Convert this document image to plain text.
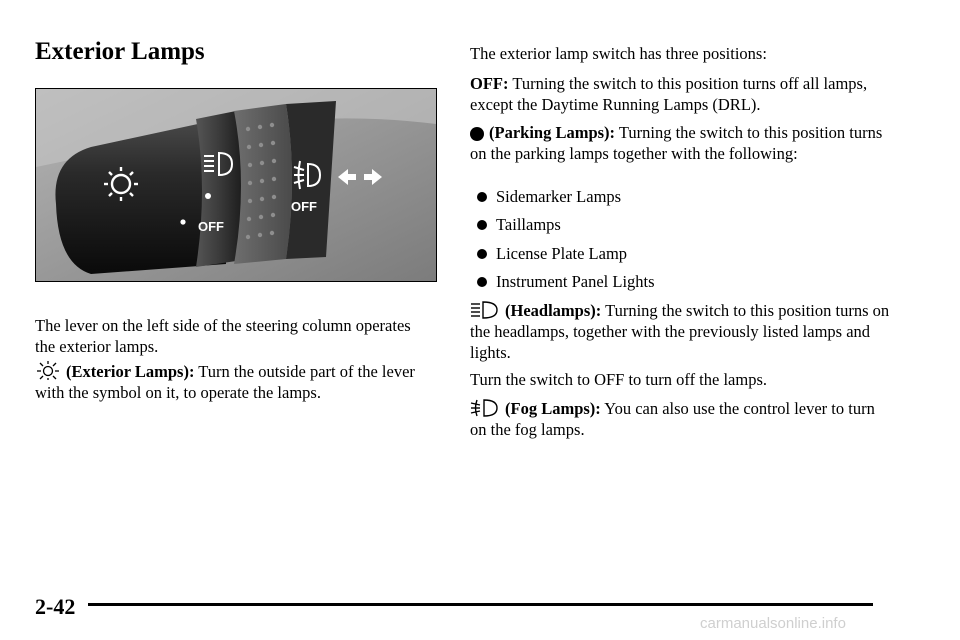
Exterior Lamps
OFF
OFF

The lever on the left side of the steering column operates the exterior lamps.

(Exterior Lamps): Turn the outside part of the lever with the symbol on it, to operate the lamps.

The exterior lamp switch has three positions:

OFF: Turning the switch to this position turns off all lamps, except the Daytime Running Lamps (DRL).

(Parking Lamps): Turning the switch to this position turns on the parking lamps together with the following:

Sidemarker Lamps

Taillamps

License Plate Lamp

Instrument Panel Lights

(Headlamps): Turning the switch to this position turns on the headlamps, together with the previously listed lamps and lights.

Turn the switch to OFF to turn off the lamps.

(Fog Lamps): You can also use the control lever to turn on the fog lamps.

2-42

carmanualsonline.info
